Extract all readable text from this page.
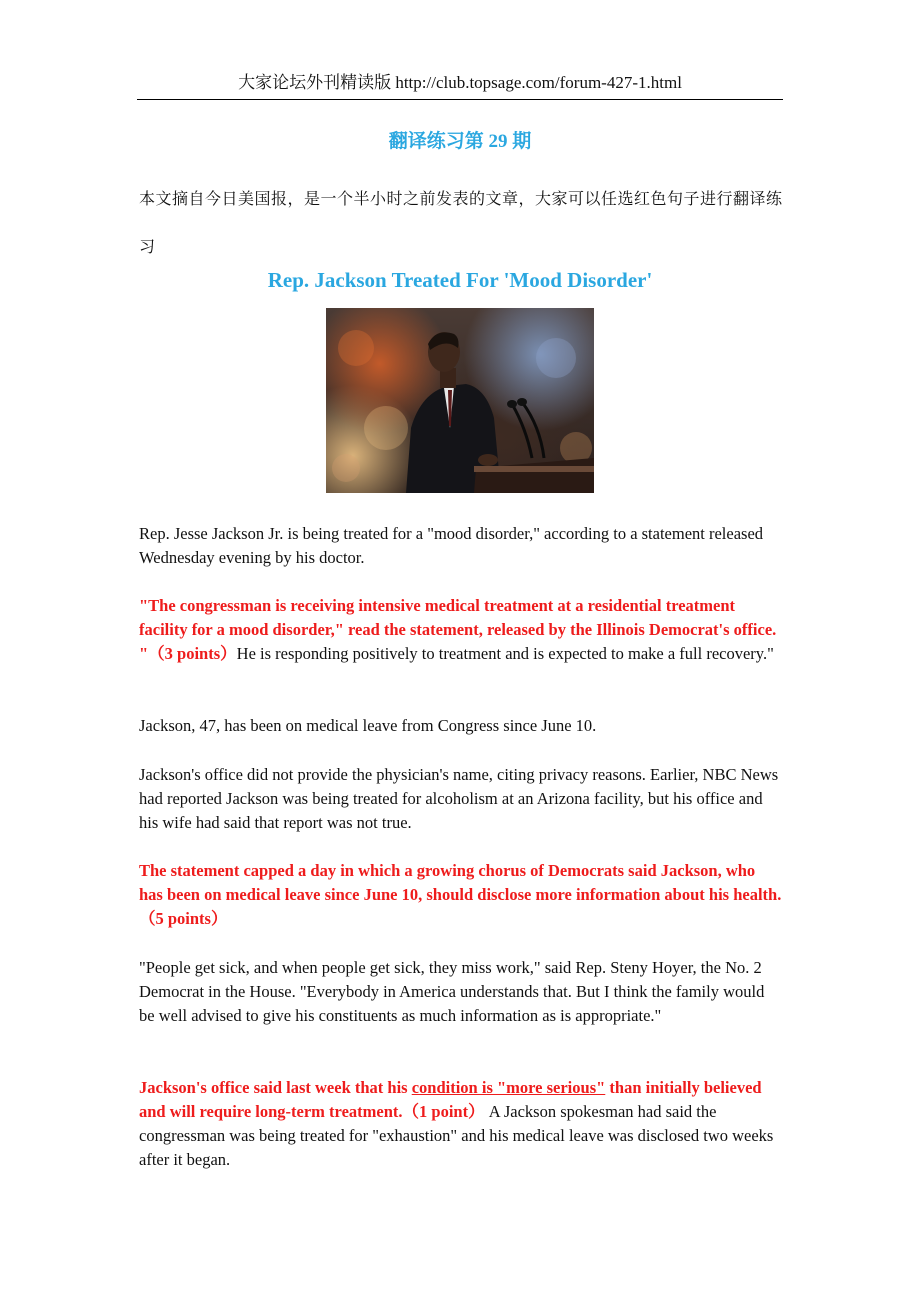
大家论坛外刊精读版 http://club.topsage.com/forum-427-1.html
翻译练习第 29 期
本文摘自今日美国报，是一个半小时之前发表的文章，大家可以任选红色句子进行翻译练习
Rep. Jackson Treated For 'Mood Disorder'
Rep. Jesse Jackson Jr. is being treated for a "mood disorder," according to a statement released Wednesday evening by his doctor.
"The congressman is receiving intensive medical treatment at a residential treatment facility for a mood disorder," read the statement, released by the Illinois Democrat's office. "（3 points）He is responding positively to treatment and is expected to make a full recovery."
Jackson, 47, has been on medical leave from Congress since June 10.
Jackson's office did not provide the physician's name, citing privacy reasons. Earlier, NBC News had reported Jackson was being treated for alcoholism at an Arizona facility, but his office and his wife had said that report was not true.
The statement capped a day in which a growing chorus of Democrats said Jackson, who has been on medical leave since June 10, should disclose more information about his health.（5 points）
"People get sick, and when people get sick, they miss work," said Rep. Steny Hoyer, the No. 2 Democrat in the House. "Everybody in America understands that. But I think the family would be well advised to give his constituents as much information as is appropriate."
Jackson's office said last week that his condition is "more serious" than initially believed and will require long-term treatment.（1 point） A Jackson spokesman had said the congressman was being treated for "exhaustion" and his medical leave was disclosed two weeks after it began.
